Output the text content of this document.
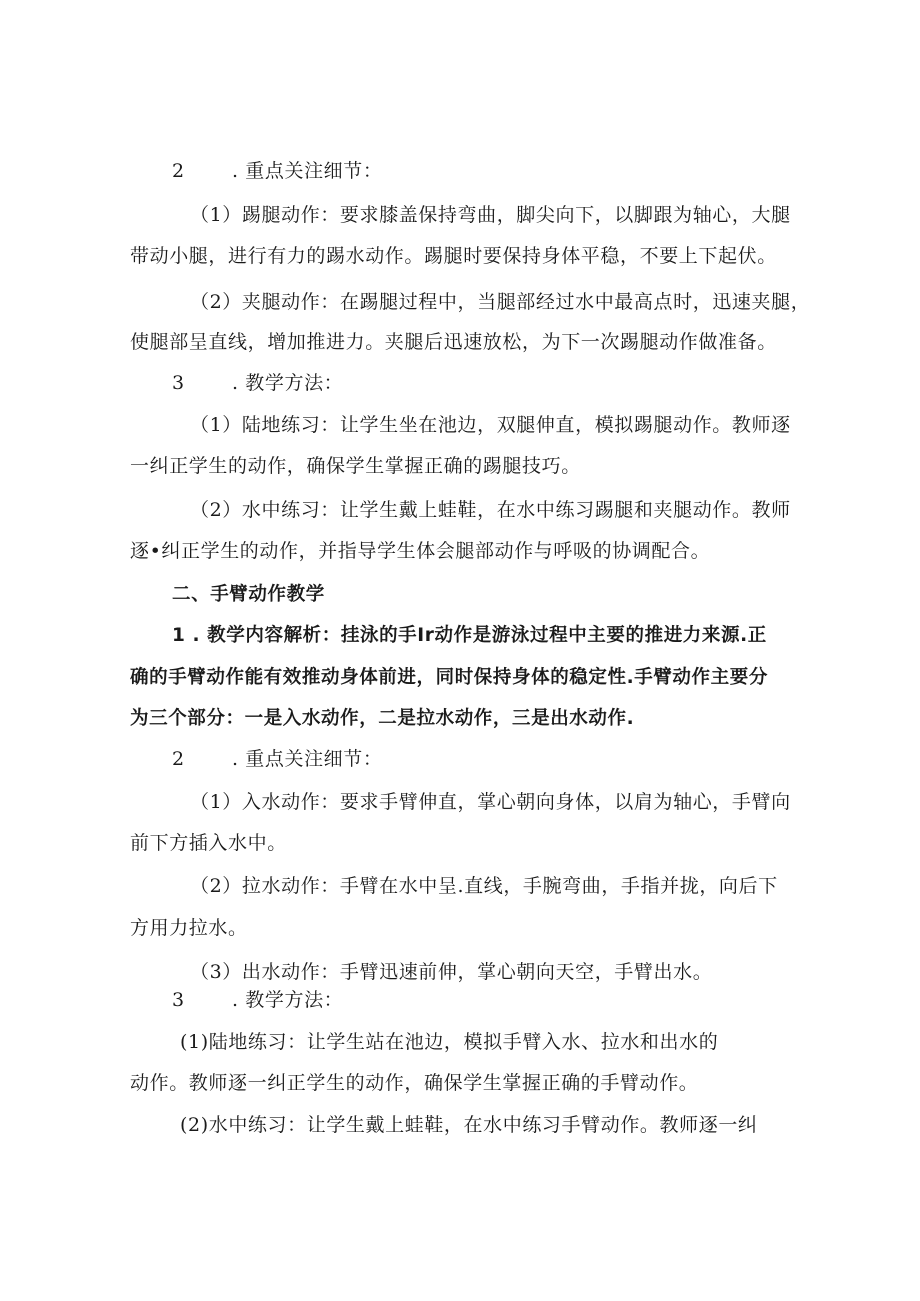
2 . 重点关注细节：
（1）踢腿动作：要求膝盖保持弯曲，脚尖向下，以脚跟为轴心，大腿
带动小腿，进行有力的踢水动作。踢腿时要保持身体平稳，不要上下起伏。
（2）夹腿动作：在踢腿过程中，当腿部经过水中最高点时，迅速夹腿，
使腿部呈直线，增加推进力。夹腿后迅速放松，为下一次踢腿动作做准备。
3 . 教学方法：
（1）陆地练习：让学生坐在池边，双腿伸直，模拟踢腿动作。教师逐
一纠正学生的动作，确保学生掌握正确的踢腿技巧。
（2）水中练习：让学生戴上蛙鞋，在水中练习踢腿和夹腿动作。教师
逐•纠正学生的动作，并指导学生体会腿部动作与呼吸的协调配合。
二、手臂动作教学
1 . 教学内容解析：挂泳的手Ir动作是游泳过程中主要的推进力来源.正
确的手臂动作能有效推动身体前进，同时保持身体的稳定性.手臂动作主要分
为三个部分：一是入水动作，二是拉水动作，三是出水动作.
2 . 重点关注细节：
（1）入水动作：要求手臂伸直，掌心朝向身体，以肩为轴心，手臂向
前下方插入水中。
（2）拉水动作：手臂在水中呈.直线，手腕弯曲，手指并拢，向后下
方用力拉水。
（3）出水动作：手臂迅速前伸，掌心朝向天空，手臂出水。
3 . 教学方法：
(1)陆地练习：让学生站在池边，模拟手臂入水、拉水和出水的
动作。教师逐一纠正学生的动作，确保学生掌握正确的手臂动作。
(2)水中练习：让学生戴上蛙鞋，在水中练习手臂动作。教师逐一纠
